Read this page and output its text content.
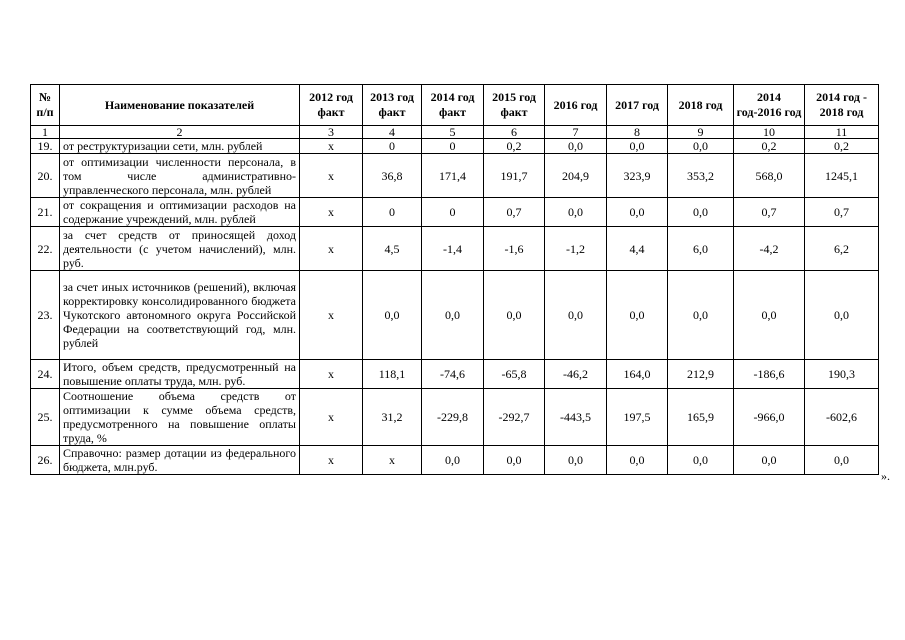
№ п/п	Наименование показателей	2012 год факт	2013 год факт	2014 год факт	2015 год факт	2016 год	2017 год	2018 год	2014 год-2016 год	2014 год - 2018 год
1	2	3	4	5	6	7	8	9	10	11
19.	от реструктуризации сети, млн. рублей	x	0	0	0,2	0,0	0,0	0,0	0,2	0,2
20.	от оптимизации численности персонала, в том числе административно-управленческого персонала, млн. рублей	x	36,8	171,4	191,7	204,9	323,9	353,2	568,0	1245,1
21.	от сокращения и оптимизации расходов на содержание учреждений, млн. рублей	x	0	0	0,7	0,0	0,0	0,0	0,7	0,7
22.	за счет средств от приносящей доход деятельности (с учетом начислений), млн. руб.	x	4,5	-1,4	-1,6	-1,2	4,4	6,0	-4,2	6,2
23.	за счет иных источников (решений), включая корректировку консолидированного бюджета Чукотского автономного округа Российской Федерации на соответствующий год, млн. рублей	x	0,0	0,0	0,0	0,0	0,0	0,0	0,0	0,0
24.	Итого, объем средств, предусмотренный на повышение оплаты труда, млн. руб.	x	118,1	-74,6	-65,8	-46,2	164,0	212,9	-186,6	190,3
25.	Соотношение объема средств от оптимизации к сумме объема средств, предусмотренного на повышение оплаты труда, %	x	31,2	-229,8	-292,7	-443,5	197,5	165,9	-966,0	-602,6
26.	Справочно: размер дотации из федерального бюджета, млн.руб.	x	x	0,0	0,0	0,0	0,0	0,0	0,0	0,0
».
